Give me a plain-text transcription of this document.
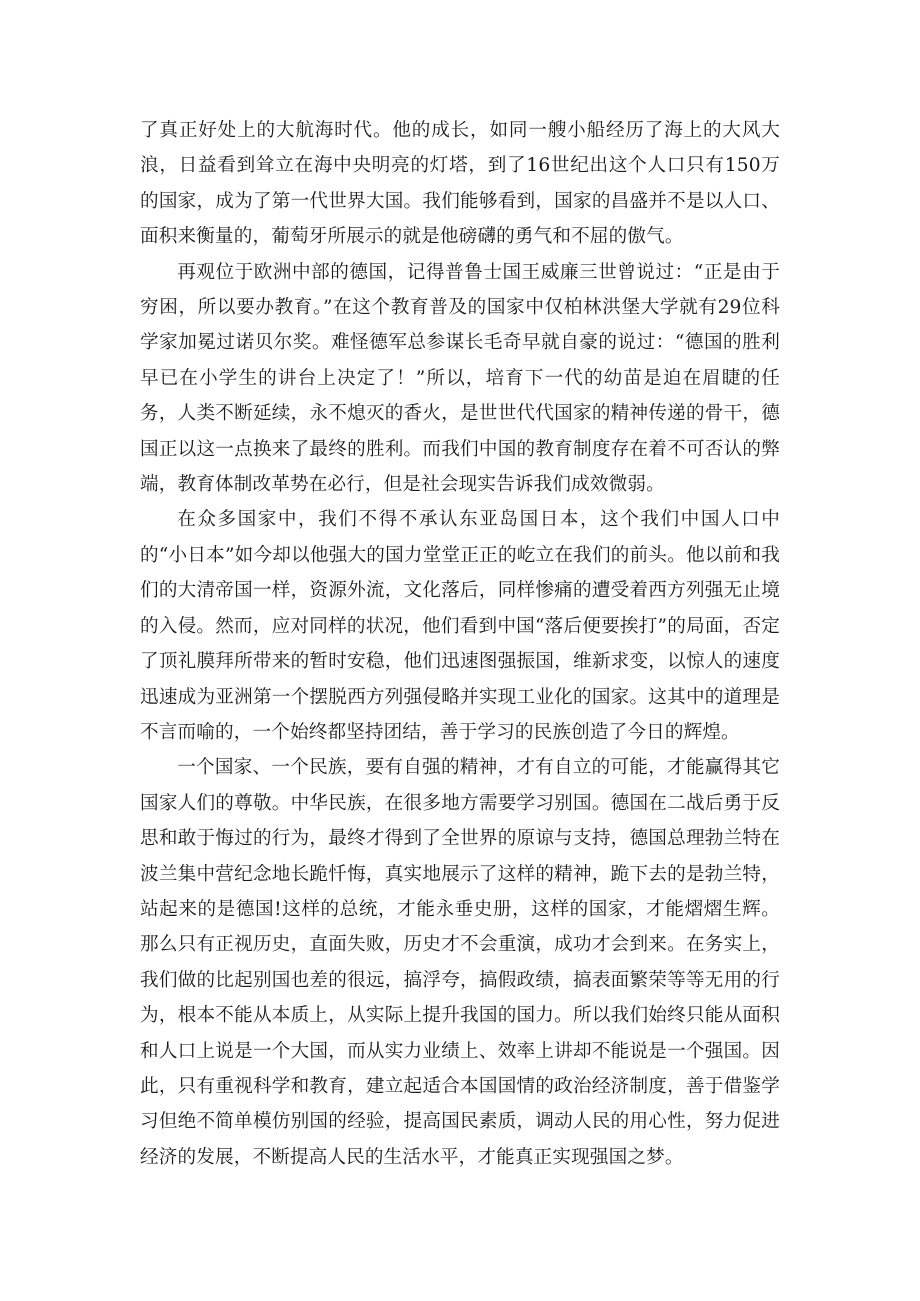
了真正好处上的大航海时代。他的成长，如同一艘小船经历了海上的大风大浪，日益看到耸立在海中央明亮的灯塔，到了16世纪出这个人口只有150万的国家，成为了第一代世界大国。我们能够看到，国家的昌盛并不是以人口、面积来衡量的，葡萄牙所展示的就是他磅礴的勇气和不屈的傲气。

再观位于欧洲中部的德国，记得普鲁士国王威廉三世曾说过：“正是由于穷困，所以要办教育。”在这个教育普及的国家中仅柏林洪堡大学就有29位科学家加冕过诺贝尔奖。难怪德军总参谋长毛奇早就自豪的说过：“德国的胜利早已在小学生的讲台上决定了！”所以，培育下一代的幼苗是迫在眉睫的任务，人类不断延续，永不熄灭的香火，是世世代代国家的精神传递的骨干，德国正以这一点换来了最终的胜利。而我们中国的教育制度存在着不可否认的弊端，教育体制改革势在必行，但是社会现实告诉我们成效微弱。

在众多国家中，我们不得不承认东亚岛国日本，这个我们中国人口中的“小日本”如今却以他强大的国力堂堂正正的屹立在我们的前头。他以前和我们的大清帝国一样，资源外流，文化落后，同样惨痛的遭受着西方列强无止境的入侵。然而，应对同样的状况，他们看到中国“落后便要挨打”的局面，否定了顶礼膜拜所带来的暂时安稳，他们迅速图强振国，维新求变，以惊人的速度迅速成为亚洲第一个摆脱西方列强侵略并实现工业化的国家。这其中的道理是不言而喻的，一个始终都坚持团结，善于学习的民族创造了今日的辉煌。

一个国家、一个民族，要有自强的精神，才有自立的可能，才能赢得其它国家人们的尊敬。中华民族，在很多地方需要学习别国。德国在二战后勇于反思和敢于悔过的行为，最终才得到了全世界的原谅与支持，德国总理勃兰特在波兰集中营纪念地长跪忏悔，真实地展示了这样的精神，跪下去的是勃兰特，站起来的是德国!这样的总统，才能永垂史册，这样的国家，才能熠熠生辉。那么只有正视历史，直面失败，历史才不会重演，成功才会到来。在务实上，我们做的比起别国也差的很远，搞浮夸，搞假政绩，搞表面繁荣等等无用的行为，根本不能从本质上，从实际上提升我国的国力。所以我们始终只能从面积和人口上说是一个大国，而从实力业绩上、效率上讲却不能说是一个强国。因此，只有重视科学和教育，建立起适合本国国情的政治经济制度，善于借鉴学习但绝不简单模仿别国的经验，提高国民素质，调动人民的用心性，努力促进经济的发展，不断提高人民的生活水平，才能真正实现强国之梦。
